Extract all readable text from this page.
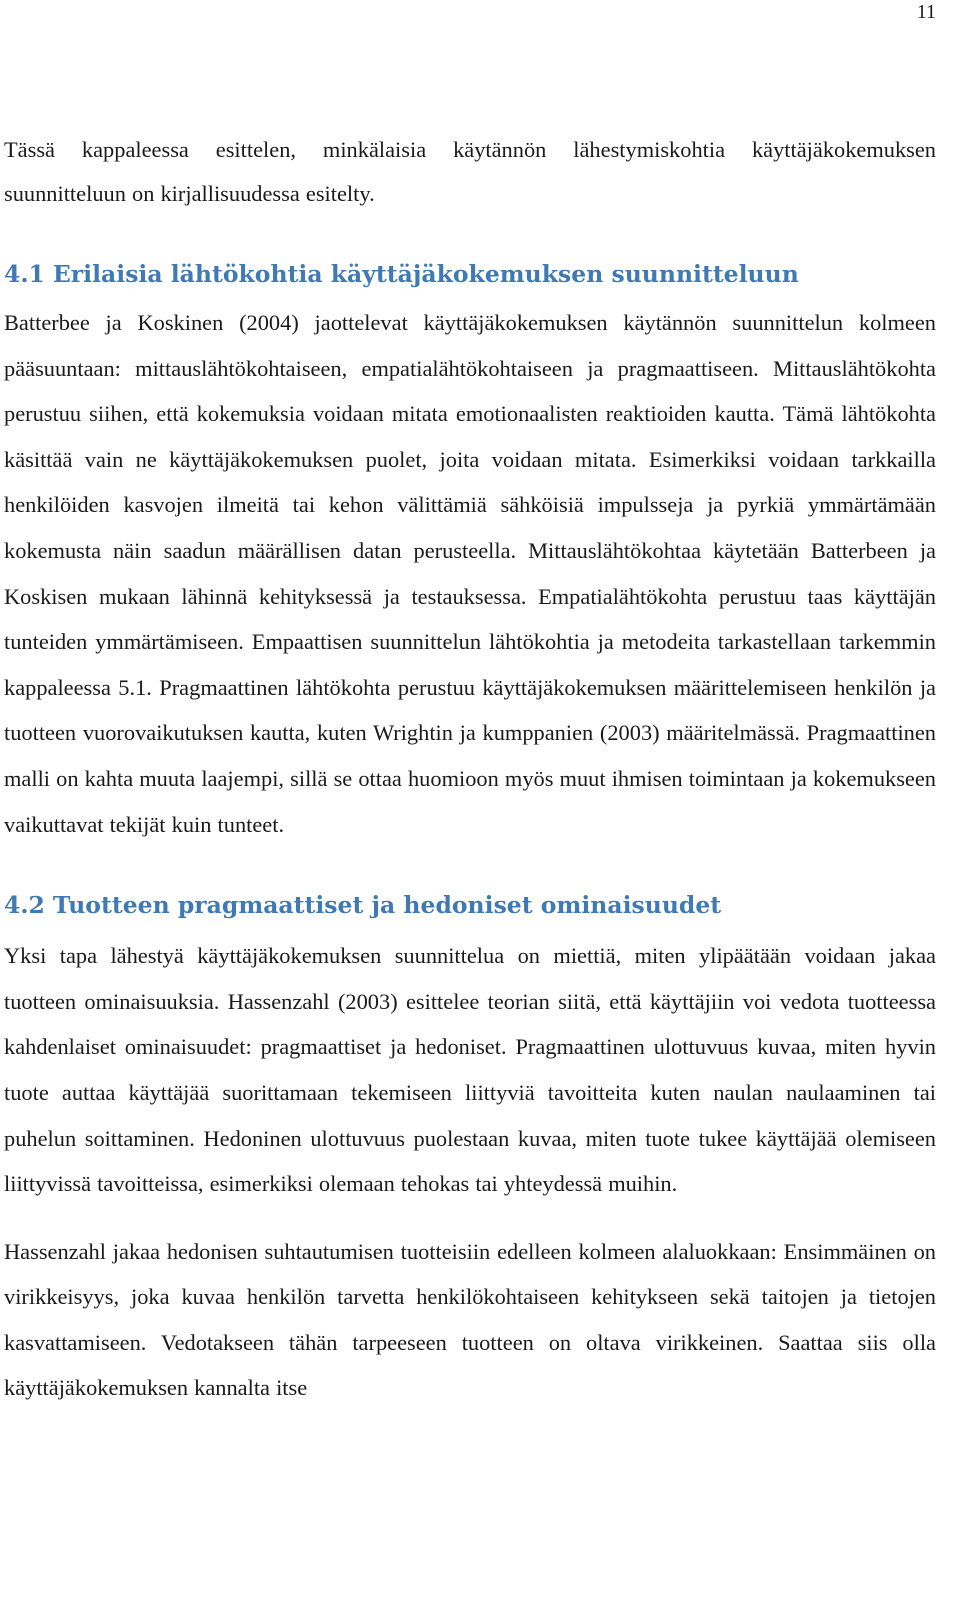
11

Tässä kappaleessa esittelen, minkälaisia käytännön lähestymiskohtia käyttäjäkokemuksen suunnitteluun on kirjallisuudessa esitelty.

4.1 Erilaisia lähtökohtia käyttäjäkokemuksen suunnitteluun

Batterbee ja Koskinen (2004) jaottelevat käyttäjäkokemuksen käytännön suunnittelun kolmeen pääsuuntaan: mittauslähtökohtaiseen, empatialähtökohtaiseen ja pragmaattiseen. Mittauslähtökohta perustuu siihen, että kokemuksia voidaan mitata emotionaalisten reaktioiden kautta. Tämä lähtökohta käsittää vain ne käyttäjäkokemuksen puolet, joita voidaan mitata. Esimerkiksi voidaan tarkkailla henkilöiden kasvojen ilmeitä tai kehon välittämiä sähköisiä impulsseja ja pyrkiä ymmärtämään kokemusta näin saadun määrällisen datan perusteella. Mittauslähtökohtaa käytetään Batterbeen ja Koskisen mukaan lähinnä kehityksessä ja testauksessa. Empatialähtökohta perustuu taas käyttäjän tunteiden ymmärtämiseen. Empaattisen suunnittelun lähtökohtia ja metodeita tarkastellaan tarkemmin kappaleessa 5.1. Pragmaattinen lähtökohta perustuu käyttäjäkokemuksen määrittelemiseen henkilön ja tuotteen vuorovaikutuksen kautta, kuten Wrightin ja kumppanien (2003) määritelmässä. Pragmaattinen malli on kahta muuta laajempi, sillä se ottaa huomioon myös muut ihmisen toimintaan ja kokemukseen vaikuttavat tekijät kuin tunteet.

4.2 Tuotteen pragmaattiset ja hedoniset ominaisuudet

Yksi tapa lähestyä käyttäjäkokemuksen suunnittelua on miettiä, miten ylipäätään voidaan jakaa tuotteen ominaisuuksia. Hassenzahl (2003) esittelee teorian siitä, että käyttäjiin voi vedota tuotteessa kahdenlaiset ominaisuudet: pragmaattiset ja hedoniset. Pragmaattinen ulottuvuus kuvaa, miten hyvin tuote auttaa käyttäjää suorittamaan tekemiseen liittyviä tavoitteita kuten naulan naulaaminen tai puhelun soittaminen. Hedoninen ulottuvuus puolestaan kuvaa, miten tuote tukee käyttäjää olemiseen liittyvissä tavoitteissa, esimerkiksi olemaan tehokas tai yhteydessä muihin.

Hassenzahl jakaa hedonisen suhtautumisen tuotteisiin edelleen kolmeen alaluokkaan: Ensimmäinen on virikkeisyys, joka kuvaa henkilön tarvetta henkilökohtaiseen kehitykseen sekä taitojen ja tietojen kasvattamiseen. Vedotakseen tähän tarpeeseen tuotteen on oltava virikkeinen. Saattaa siis olla käyttäjäkokemuksen kannalta itse
